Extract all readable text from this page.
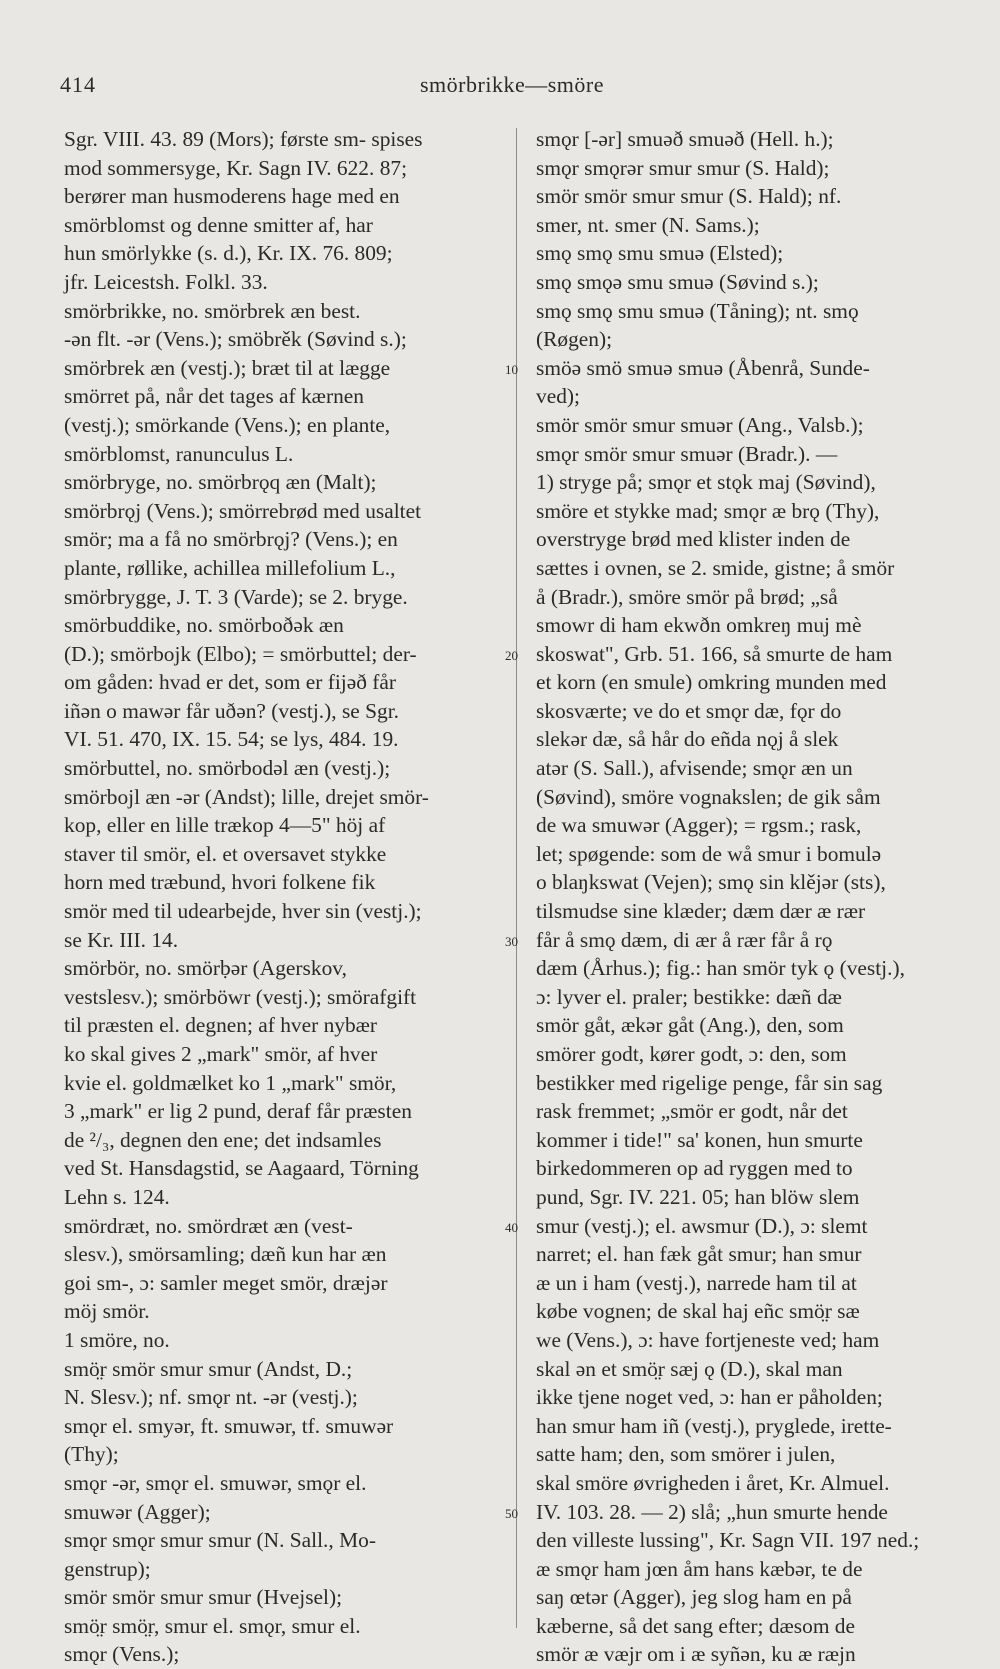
414	smörbrikke—smöre
Sgr. VIII. 43. 89 (Mors); første sm- spises
mod sommersyge, Kr. Sagn IV. 622. 87;
berører man husmoderens hage med en
smörblomst og denne smitter af, har
hun smörlykke (s. d.), Kr. IX. 76. 809;
jfr. Leicestsh. Folkl. 33.
smörbrikke, no. smörbrek æn best.
-ən flt. -ər (Vens.); smöbrěk (Søvind s.);
smörbrek æn (vestj.); bræt til at lægge
smörret på, når det tages af kærnen
(vestj.); smörkande (Vens.); en plante,
smörblomst, ranunculus L.
smörbryge, no. smörbrǫq æn (Malt);
smörbrǫj (Vens.); smörrebrød med usaltet
smör; ma a få no smörbrǫj? (Vens.); en
plante, røllike, achillea millefolium L.,
smörbrygge, J. T. 3 (Varde); se 2. bryge.
smörbuddike, no. smörboðək æn
(D.); smörbojk (Elbo); = smörbuttel; der-
om gåden: hvad er det, som er fijəð får
iñən o mawər får uðən? (vestj.), se Sgr.
VI. 51. 470, IX. 15. 54; se lys, 484. 19.
smörbuttel, no. smörbodəl æn (vestj.);
smörbojl æn -ər (Andst); lille, drejet smör-
kop, eller en lille trækop 4—5" höj af
staver til smör, el. et oversavet stykke
horn med træbund, hvori folkene fik
smör med til udearbejde, hver sin (vestj.);
se Kr. III. 14.
smörbör, no. smörḅər (Agerskov,
vestslesv.); smörböwr (vestj.); smörafgift
til præsten el. degnen; af hver nybær
ko skal gives 2 „mark" smör, af hver
kvie el. goldmælket ko 1 „mark" smör,
3 „mark" er lig 2 pund, deraf får præsten
de ²/₃, degnen den ene; det indsamles
ved St. Hansdagstid, se Aagaard, Törning
Lehn s. 124.
smördræt, no. smördræt æn (vest-
slesv.), smörsamling; dæñ kun har æn
goi sm-, ɔ: samler meget smör, dræjər
möj smör.
1 smöre, no.
smö̤r smör smur smur (Andst, D.;
N. Slesv.); nf. smǫr nt. -ər (vestj.);
smǫr el. smyər, ft. smuwər, tf. smuwər
(Thy);
smǫr -ər, smǫr el. smuwər, smǫr el.
smuwər (Agger);
smǫr smǫr smur smur (N. Sall., Mo-
genstrup);
smör smör smur smur (Hvejsel);
smö̤r smö̤r, smur el. smǫr, smur el.
smǫr (Vens.);
10
20
30
40
50
smǫr [-ər] smuəð smuəð (Hell. h.);
smǫr smǫrər smur smur (S. Hald);
smör smör smur smur (S. Hald); nf.
smer, nt. smer (N. Sams.);
smǫ smǫ smu smuə (Elsted);
smǫ smǫə smu smuə (Søvind s.);
smǫ smǫ smu smuə (Tåning); nt. smǫ
(Røgen);
smöə smö smuə smuə (Åbenrå, Sunde-
ved);
smör smör smur smuər (Ang., Valsb.);
smǫr smör smur smuər (Bradr.). —
1) stryge på; smǫr et stǫk maj (Søvind),
smöre et stykke mad; smǫr æ brǫ (Thy),
overstryge brød med klister inden de
sættes i ovnen, se 2. smide, gistne; å smör
å (Bradr.), smöre smör på brød; „så
smowr di ham ekwðn omkreŋ muj mè
skoswat", Grb. 51. 166, så smurte de ham
et korn (en smule) omkring munden med
skosværte; ve do et smǫr dæ, fǫr do
slekər dæ, så hår do eñda nǫj å slek
atər (S. Sall.), afvisende; smǫr æn un
(Søvind), smöre vognakslen; de gik såm
de wa smuwər (Agger); = rgsm.; rask,
let; spøgende: som de wå smur i bomulə
o blaŋkswat (Vejen); smǫ sin klějər (sts),
tilsmudse sine klæder; dæm dær æ rær
får å smǫ dæm, di ær å rær får å rǫ
dæm (Århus.); fig.: han smör tyk ǫ (vestj.),
ɔ: lyver el. praler; bestikke: dæñ dæ
smör gåt, ækər gåt (Ang.), den, som
smörer godt, kører godt, ɔ: den, som
bestikker med rigelige penge, får sin sag
rask fremmet; „smör er godt, når det
kommer i tide!" sa' konen, hun smurte
birkedommeren op ad ryggen med to
pund, Sgr. IV. 221. 05; han blöw slem
smur (vestj.); el. awsmur (D.), ɔ: slemt
narret; el. han fæk gåt smur; han smur
æ un i ham (vestj.), narrede ham til at
købe vognen; de skal haj eñc smö̤r sæ
we (Vens.), ɔ: have fortjeneste ved; ham
skal ən et smö̤r sæj ǫ (D.), skal man
ikke tjene noget ved, ɔ: han er påholden;
han smur ham iñ (vestj.), pryglede, irette-
satte ham; den, som smörer i julen,
skal smöre øvrigheden i året, Kr. Almuel.
IV. 103. 28. — 2) slå; „hun smurte hende
den villeste lussing", Kr. Sagn VII. 197 ned.;
æ smǫr ham jœn åm hans kæbər, te de
saŋ œtər (Agger), jeg slog ham en på
kæberne, så det sang efter; dæsom de
smör æ væjr om i æ syñən, ku æ ræjn
